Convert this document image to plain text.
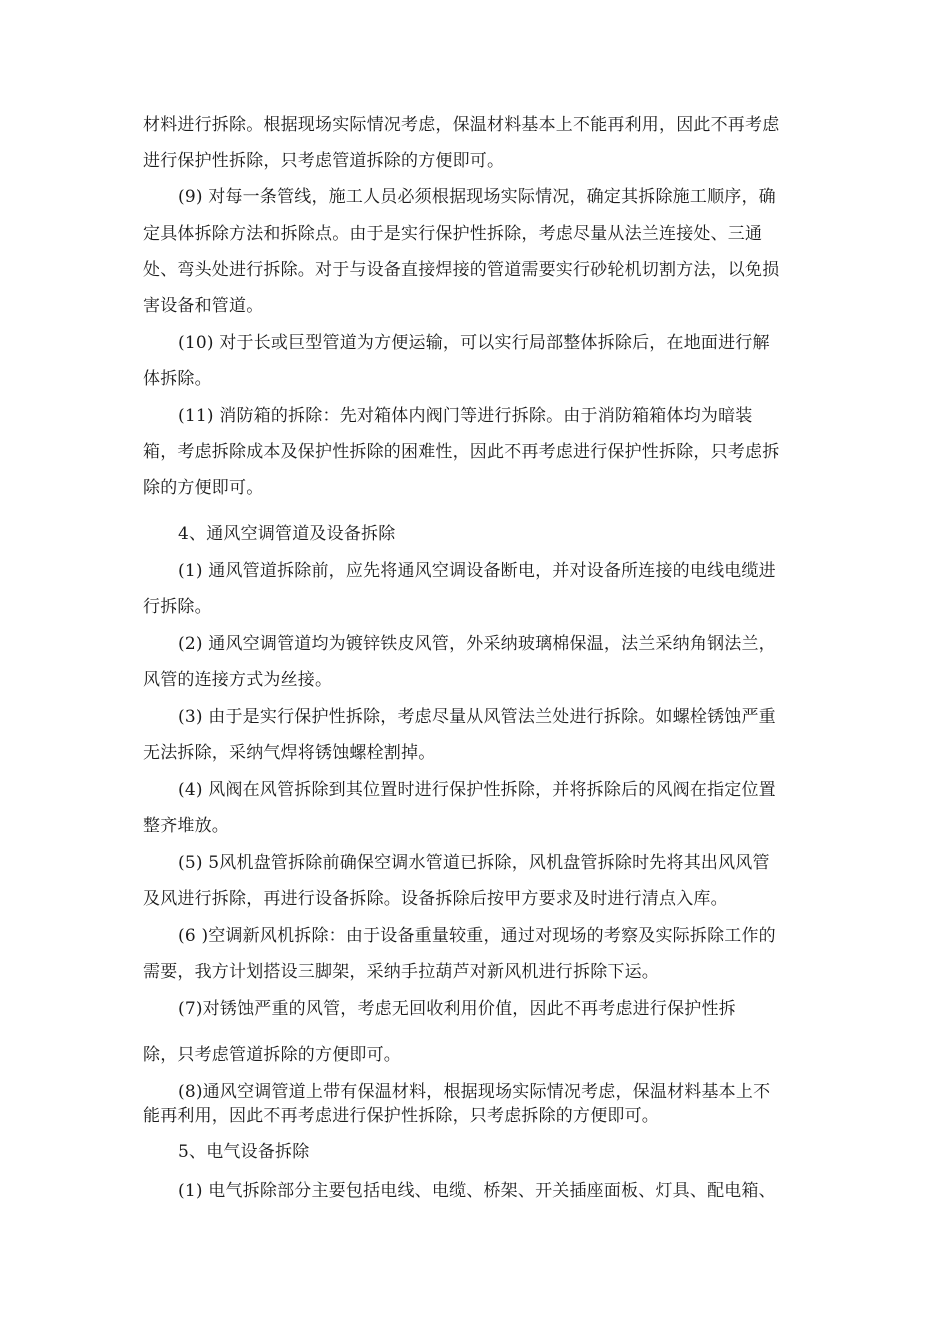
材料进行拆除。根据现场实际情况考虑，保温材料基本上不能再利用，因此不再考虑
进行保护性拆除，只考虑管道拆除的方便即可。
(9) 对每一条管线，施工人员必须根据现场实际情况，确定其拆除施工顺序，确
定具体拆除方法和拆除点。由于是实行保护性拆除，考虑尽量从法兰连接处、三通
处、弯头处进行拆除。对于与设备直接焊接的管道需要实行砂轮机切割方法，以免损
害设备和管道。
(10) 对于长或巨型管道为方便运输，可以实行局部整体拆除后，在地面进行解
体拆除。
(11) 消防箱的拆除：先对箱体内阀门等进行拆除。由于消防箱箱体均为暗装
箱，考虑拆除成本及保护性拆除的困难性，因此不再考虑进行保护性拆除，只考虑拆
除的方便即可。
4、通风空调管道及设备拆除
(1) 通风管道拆除前，应先将通风空调设备断电，并对设备所连接的电线电缆进
行拆除。
(2) 通风空调管道均为镀锌铁皮风管，外采纳玻璃棉保温，法兰采纳角钢法兰，
风管的连接方式为丝接。
(3) 由于是实行保护性拆除，考虑尽量从风管法兰处进行拆除。如螺栓锈蚀严重
无法拆除，采纳气焊将锈蚀螺栓割掉。
(4) 风阀在风管拆除到其位置时进行保护性拆除，并将拆除后的风阀在指定位置
整齐堆放。
(5) 5风机盘管拆除前确保空调水管道已拆除，风机盘管拆除时先将其出风风管
及风进行拆除，再进行设备拆除。设备拆除后按甲方要求及时进行清点入库。
(6 )空调新风机拆除：由于设备重量较重，通过对现场的考察及实际拆除工作的
需要，我方计划搭设三脚架，采纳手拉葫芦对新风机进行拆除下运。
(7)对锈蚀严重的风管，考虑无回收利用价值，因此不再考虑进行保护性拆
除，只考虑管道拆除的方便即可。
(8)通风空调管道上带有保温材料，根据现场实际情况考虑，保温材料基本上不
能再利用，因此不再考虑进行保护性拆除，只考虑拆除的方便即可。
5、电气设备拆除
(1) 电气拆除部分主要包括电线、电缆、桥架、开关插座面板、灯具、配电箱、
